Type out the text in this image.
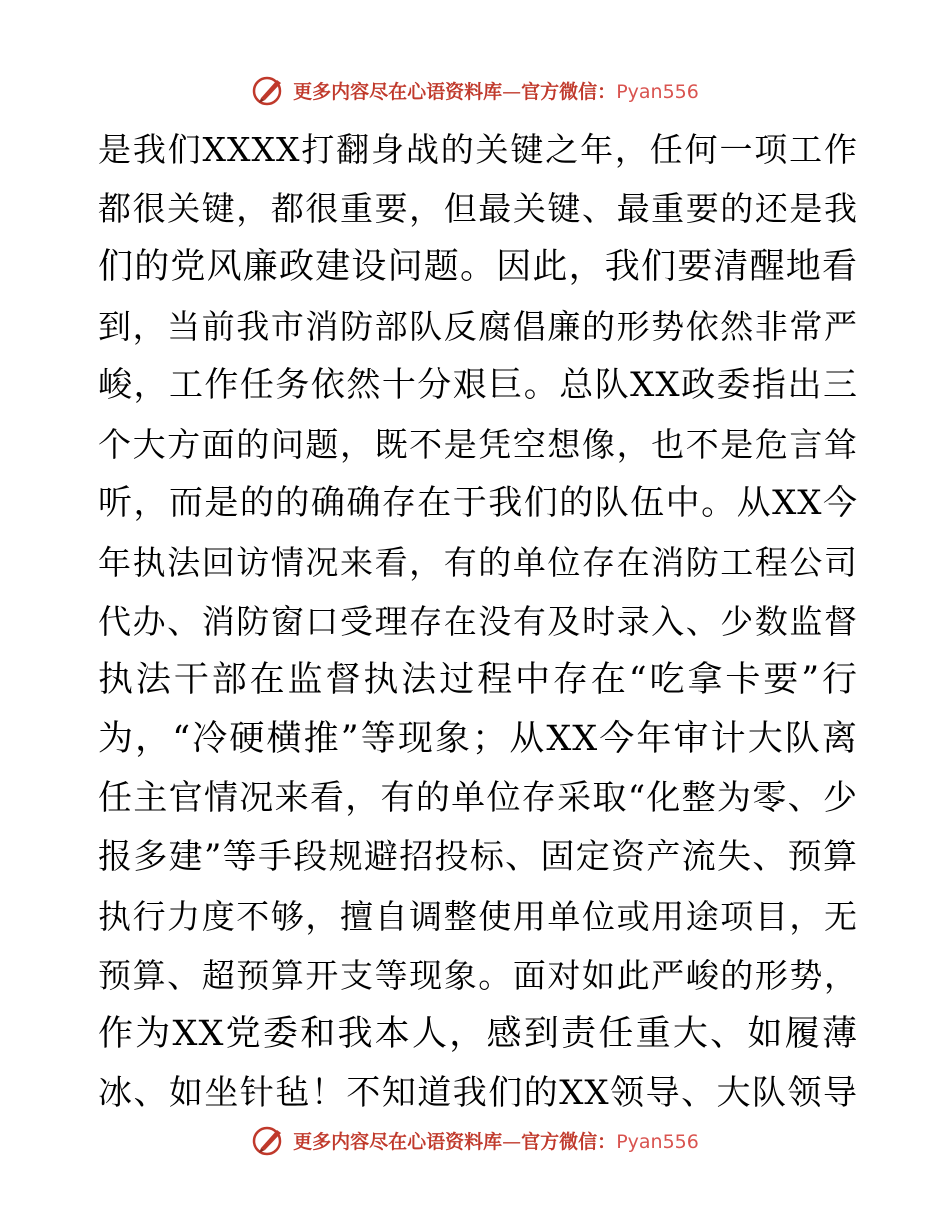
更多内容尽在心语资料库—官方微信：Pyan556
是我们XXXX打翻身战的关键之年，任何一项工作
都很关键，都很重要，但最关键、最重要的还是我
们的党风廉政建设问题。因此，我们要清醒地看
到，当前我市消防部队反腐倡廉的形势依然非常严
峻，工作任务依然十分艰巨。总队XX政委指出三
个大方面的问题，既不是凭空想像，也不是危言耸
听，而是的的确确存在于我们的队伍中。从XX今
年执法回访情况来看，有的单位存在消防工程公司
代办、消防窗口受理存在没有及时录入、少数监督
执法干部在监督执法过程中存在“吃拿卡要”行
为，“冷硬横推”等现象；从XX今年审计大队离
任主官情况来看，有的单位存采取“化整为零、少
报多建”等手段规避招投标、固定资产流失、预算
执行力度不够，擅自调整使用单位或用途项目，无
预算、超预算开支等现象。面对如此严峻的形势，
作为XX党委和我本人，感到责任重大、如履薄
冰、如坐针毡！不知道我们的XX领导、大队领导
更多内容尽在心语资料库—官方微信：Pyan556
